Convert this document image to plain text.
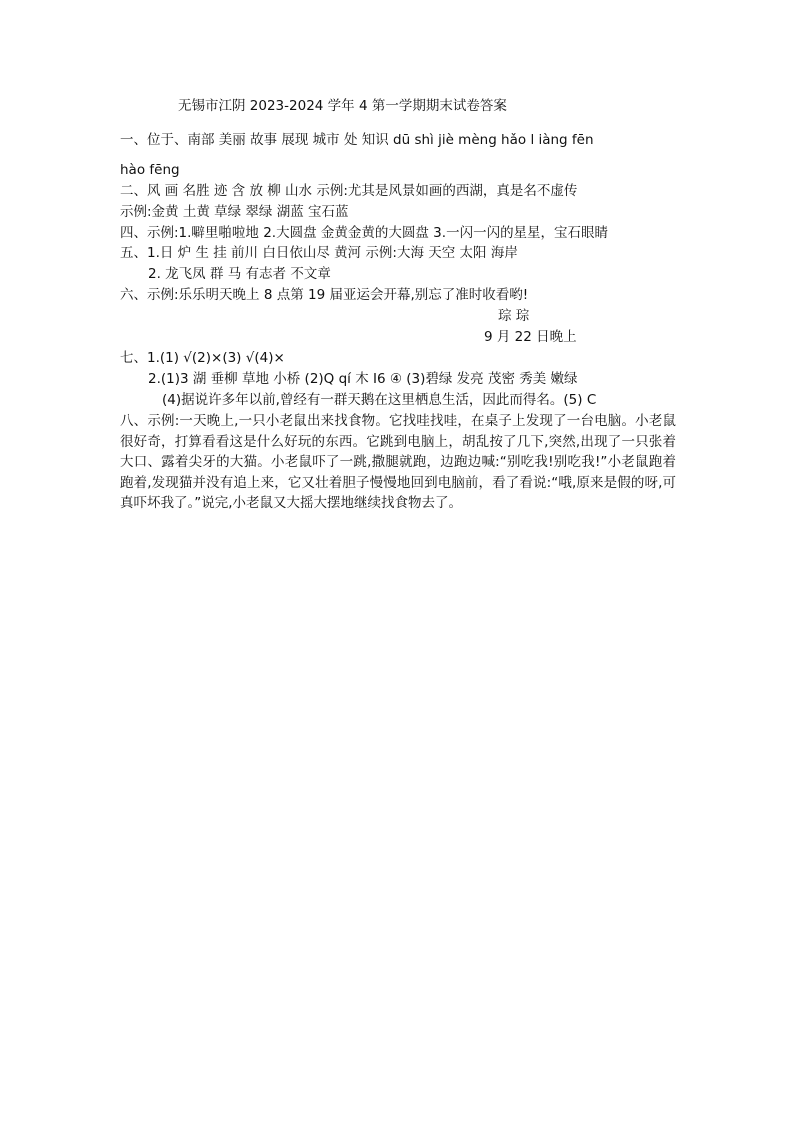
无锡市江阴 2023-2024 学年 4 第一学期期末试卷答案
一、位于、南部 美丽 故事 展现 城市 处 知识 dū shì jiè mèng hǎo l iàng fēn
hào fēng
二、风 画 名胜 迹 含 放 柳 山水 示例:尤其是风景如画的西湖，真是名不虚传
示例:金黄 土黄 草绿 翠绿 湖蓝 宝石蓝
四、示例:1.噼里啪啦地 2.大圆盘 金黄金黄的大圆盘 3.一闪一闪的星星，宝石眼睛
五、1.日 炉 生 挂 前川 白日依山尽 黄河 示例:大海 天空 太阳 海岸
2. 龙飞凤 群 马 有志者 不文章
六、示例:乐乐明天晚上 8 点第 19 届亚运会开幕,别忘了准时收看哟!
琮 琮
9 月 22 日晚上
七、1.(1) √(2)×(3) √(4)×
2.(1)3 湖 垂柳 草地 小桥 (2)Q qí 木 I6 ④ (3)碧绿 发亮 茂密 秀美 嫩绿
(4)据说许多年以前,曾经有一群天鹅在这里栖息生活，因此而得名。(5) C
八、示例:一天晚上,一只小老鼠出来找食物。它找哇找哇，在桌子上发现了一台电脑。小老鼠很好奇，打算看看这是什么好玩的东西。它跳到电脑上，胡乱按了几下,突然,出现了一只张着大口、露着尖牙的大猫。小老鼠吓了一跳,撒腿就跑，边跑边喊:“别吃我!别吃我!”小老鼠跑着跑着,发现猫并没有追上来，它又壮着胆子慢慢地回到电脑前，看了看说:“哦,原来是假的呀,可真吓坏我了。”说完,小老鼠又大摇大摆地继续找食物去了。
